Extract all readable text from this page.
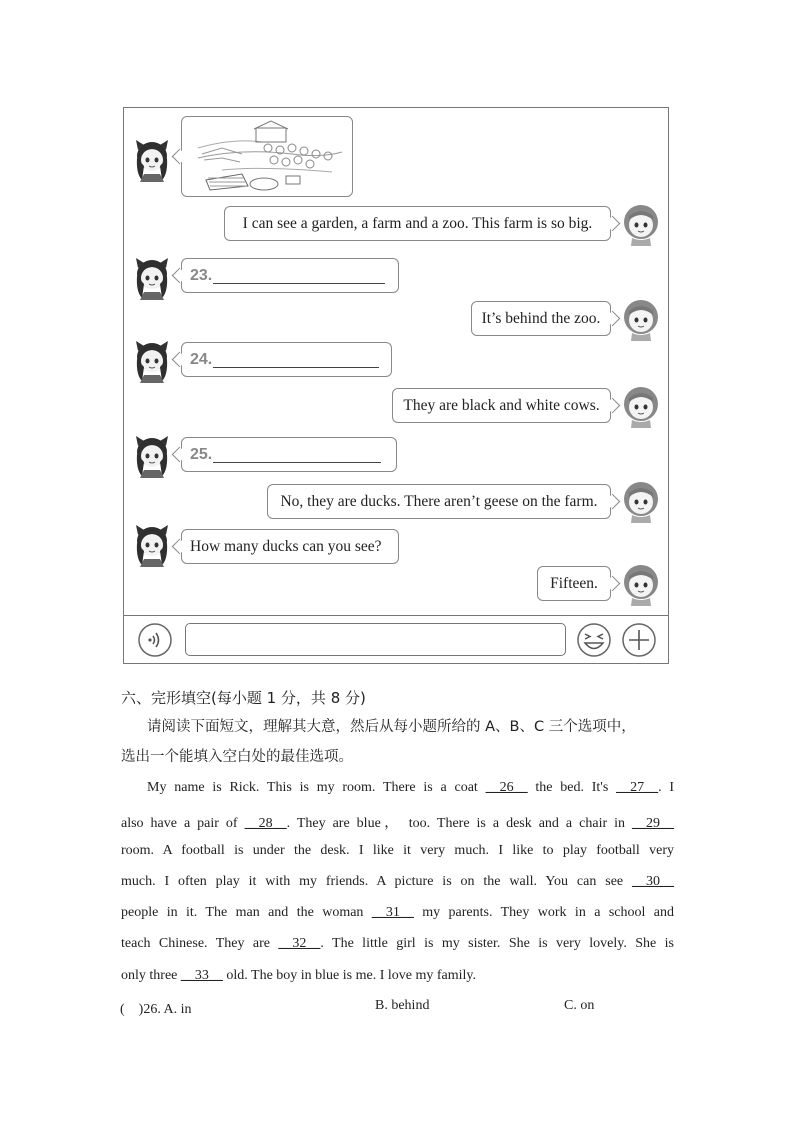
I can see a garden, a farm and a zoo. This farm is so big.
23.
It’s behind the zoo.
24.
They are black and white cows.
25.
No, they are ducks. There aren’t geese on the farm.
How many ducks can you see?
Fifteen.
六、完形填空(每小题 1 分，共 8 分)
请阅读下面短文，理解其大意，然后从每小题所给的 A、B、C 三个选项中，
选出一个能填入空白处的最佳选项。
My name is Rick. This is my room. There is a coat __26__ the bed. It's __27__. I
also have a pair of __28__. They are blue， too. There is a desk and a chair in __29__
room. A football is under the desk. I like it very much. I like to play football very
much. I often play it with my friends. A picture is on the wall. You can see __30__
people in it. The man and the woman __31__ my parents. They work in a school and
teach Chinese. They are __32__. The little girl is my sister. She is very lovely. She is
only three __33__ old. The boy in blue is me. I love my family.
(　)26. A. in	B. behind	C. on
